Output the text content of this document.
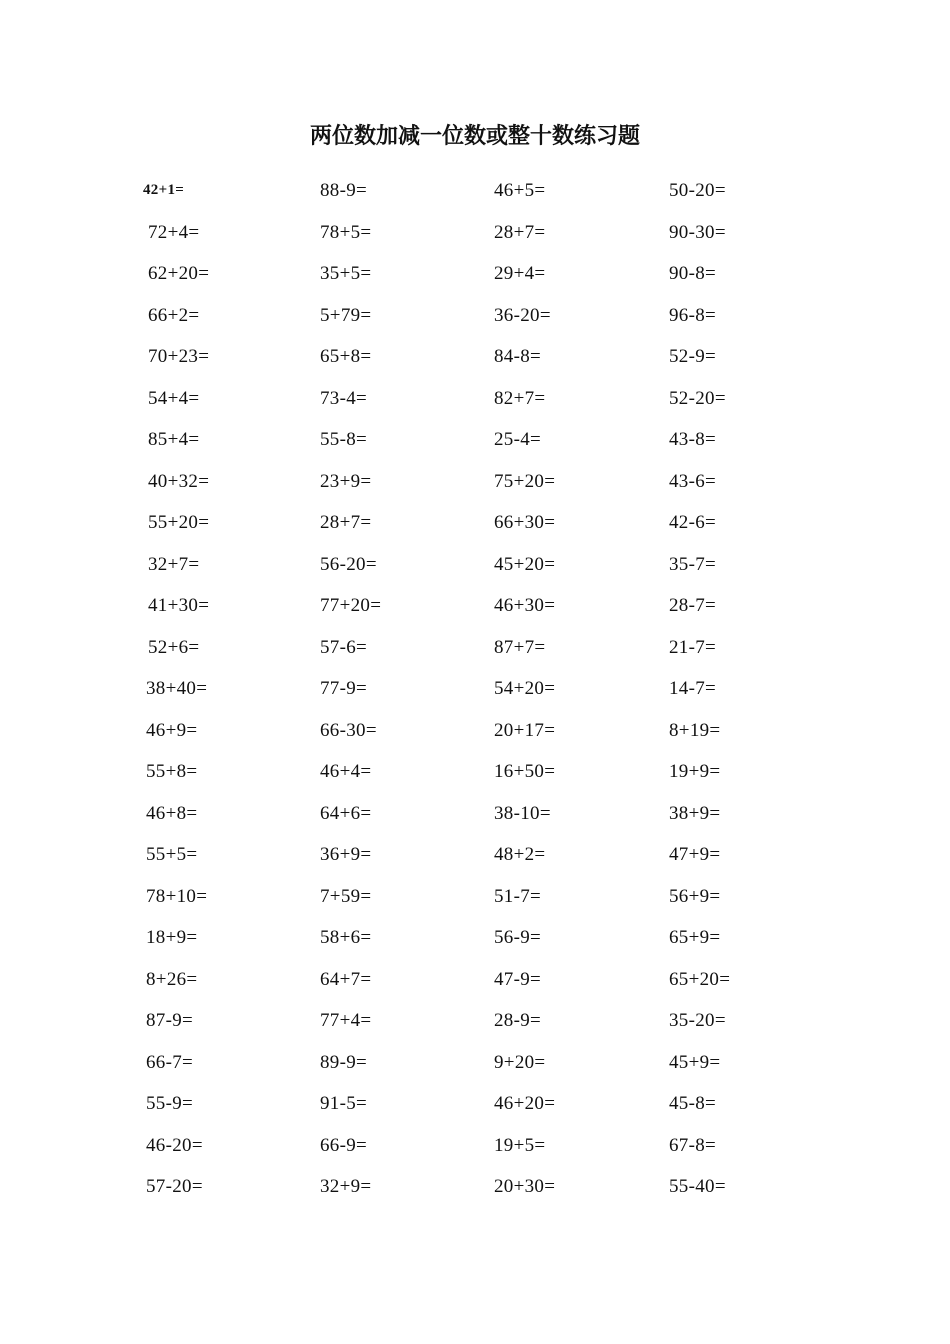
两位数加减一位数或整十数练习题
42+1=	88-9=	46+5=	50-20=
72+4=	78+5=	28+7=	90-30=
62+20=	35+5=	29+4=	90-8=
66+2=	5+79=	36-20=	96-8=
70+23=	65+8=	84-8=	52-9=
54+4=	73-4=	82+7=	52-20=
85+4=	55-8=	25-4=	43-8=
40+32=	23+9=	75+20=	43-6=
55+20=	28+7=	66+30=	42-6=
32+7=	56-20=	45+20=	35-7=
41+30=	77+20=	46+30=	28-7=
52+6=	57-6=	87+7=	21-7=
38+40=	77-9=	54+20=	14-7=
46+9=	66-30=	20+17=	8+19=
55+8=	46+4=	16+50=	19+9=
46+8=	64+6=	38-10=	38+9=
55+5=	36+9=	48+2=	47+9=
78+10=	7+59=	51-7=	56+9=
18+9=	58+6=	56-9=	65+9=
8+26=	64+7=	47-9=	65+20=
87-9=	77+4=	28-9=	35-20=
66-7=	89-9=	9+20=	45+9=
55-9=	91-5=	46+20=	45-8=
46-20=	66-9=	19+5=	67-8=
57-20=	32+9=	20+30=	55-40=
